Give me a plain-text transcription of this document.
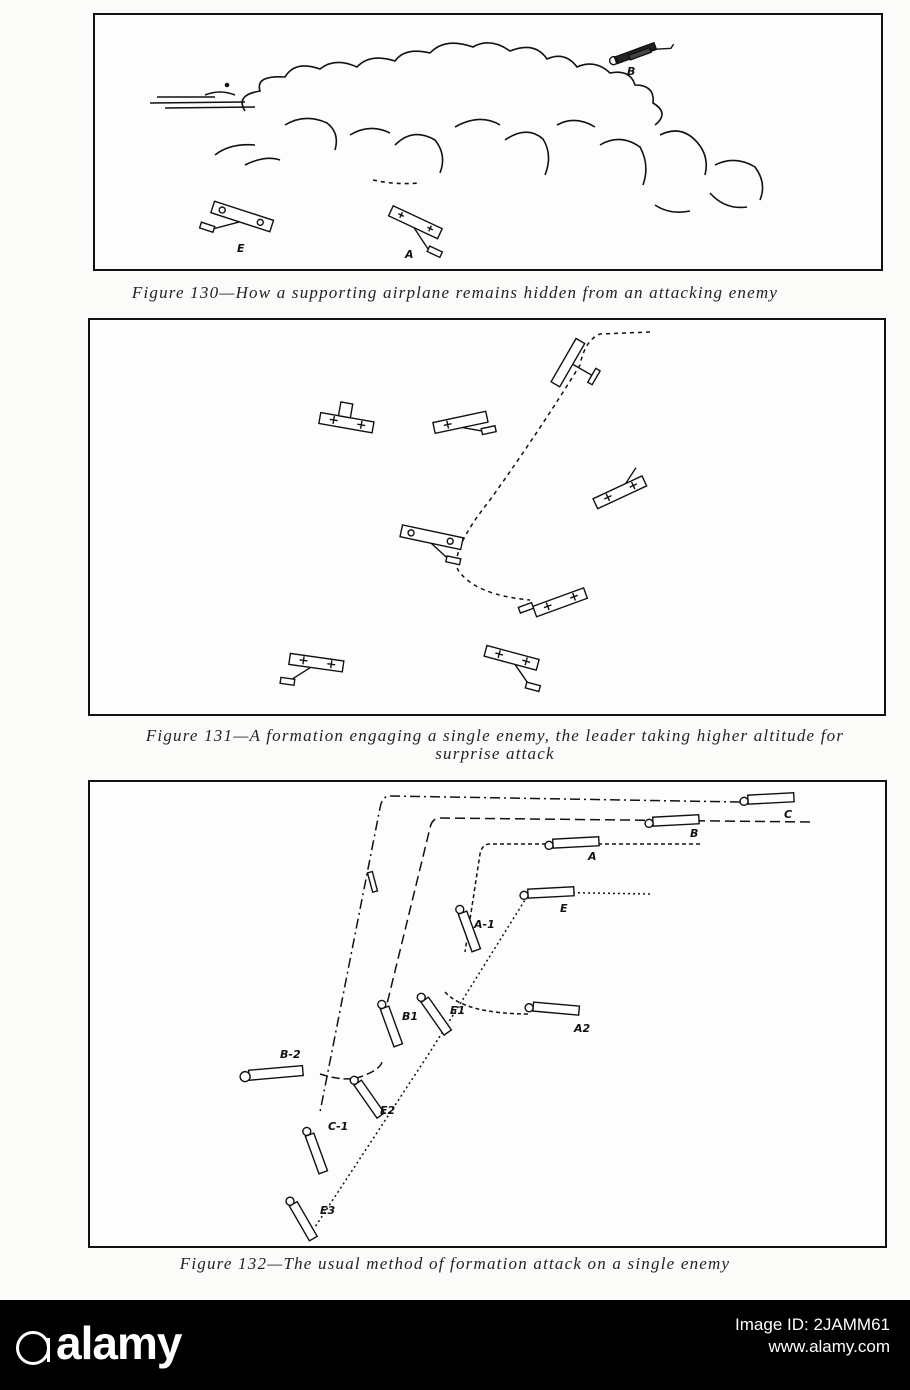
B
E	A
Figure 130—How a supporting airplane remains hidden from an attacking enemy
Figure 131—A formation engaging a single enemy, the leader taking higher altitude for surprise attack
C
B
A
E
A-1
B1	E1
A2
B-2
E2
C-1
E3
Figure 132—The usual method of formation attack on a single enemy
alamy	Image ID: 2JAMM61
www.alamy.com
